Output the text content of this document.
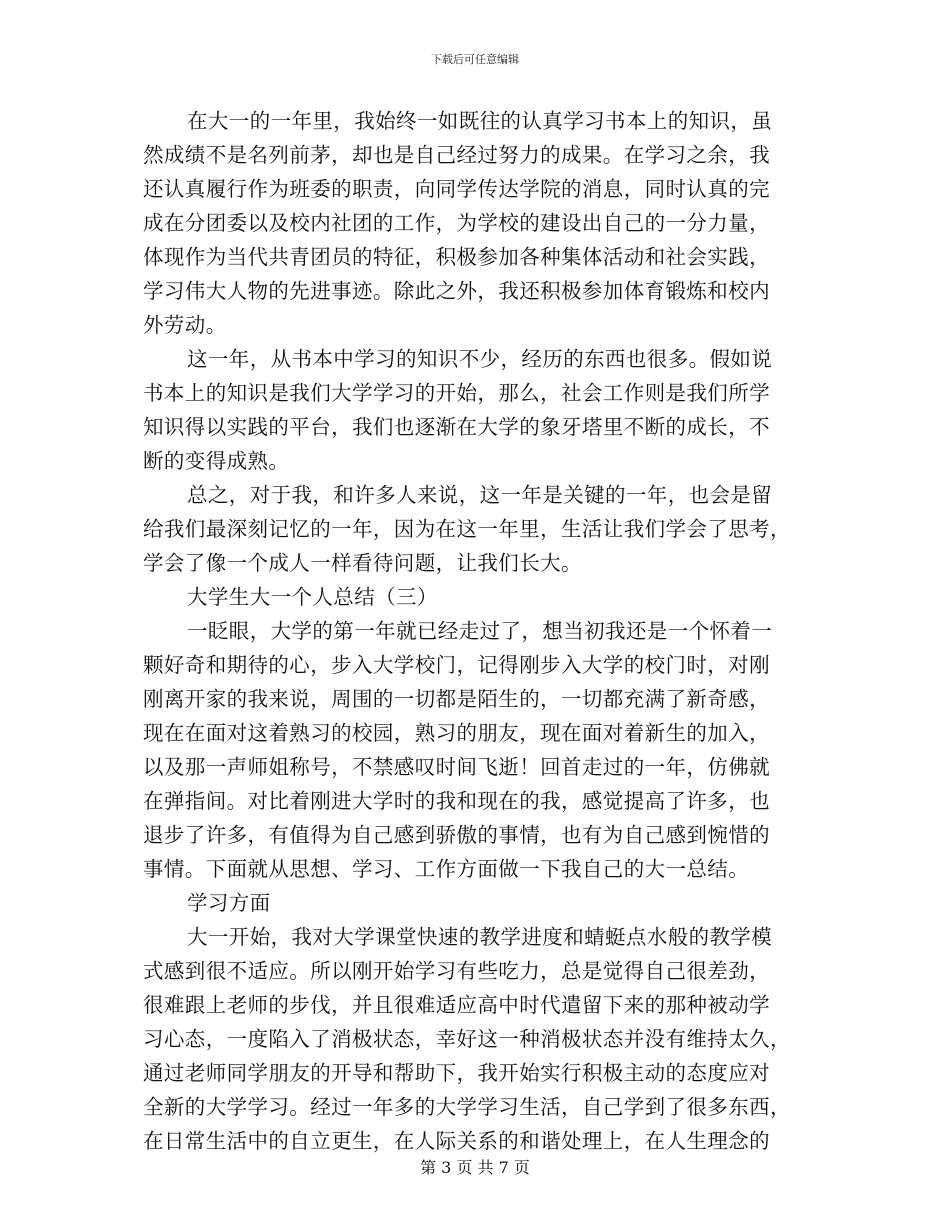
下载后可任意编辑
在大一的一年里，我始终一如既往的认真学习书本上的知识，虽
然成绩不是名列前茅，却也是自己经过努力的成果。在学习之余，我
还认真履行作为班委的职责，向同学传达学院的消息，同时认真的完
成在分团委以及校内社团的工作，为学校的建设出自己的一分力量，
体现作为当代共青团员的特征，积极参加各种集体活动和社会实践，
学习伟大人物的先进事迹。除此之外，我还积极参加体育锻炼和校内
外劳动。
这一年，从书本中学习的知识不少，经历的东西也很多。假如说
书本上的知识是我们大学学习的开始，那么，社会工作则是我们所学
知识得以实践的平台，我们也逐渐在大学的象牙塔里不断的成长，不
断的变得成熟。
总之，对于我，和许多人来说，这一年是关键的一年，也会是留
给我们最深刻记忆的一年，因为在这一年里，生活让我们学会了思考，
学会了像一个成人一样看待问题，让我们长大。
大学生大一个人总结（三）
一眨眼，大学的第一年就已经走过了，想当初我还是一个怀着一
颗好奇和期待的心，步入大学校门，记得刚步入大学的校门时，对刚
刚离开家的我来说，周围的一切都是陌生的，一切都充满了新奇感，
现在在面对这着熟习的校园，熟习的朋友，现在面对着新生的加入，
以及那一声师姐称号，不禁感叹时间飞逝！回首走过的一年，仿佛就
在弹指间。对比着刚进大学时的我和现在的我，感觉提高了许多，也
退步了许多，有值得为自己感到骄傲的事情，也有为自己感到惋惜的
事情。下面就从思想、学习、工作方面做一下我自己的大一总结。
学习方面
大一开始，我对大学课堂快速的教学进度和蜻蜓点水般的教学模
式感到很不适应。所以刚开始学习有些吃力，总是觉得自己很差劲，
很难跟上老师的步伐，并且很难适应高中时代遣留下来的那种被动学
习心态，一度陷入了消极状态，幸好这一种消极状态并没有维持太久，
通过老师同学朋友的开导和帮助下，我开始实行积极主动的态度应对
全新的大学学习。经过一年多的大学学习生活，自己学到了很多东西，
在日常生活中的自立更生，在人际关系的和谐处理上，在人生理念的
第 3 页 共 7 页
